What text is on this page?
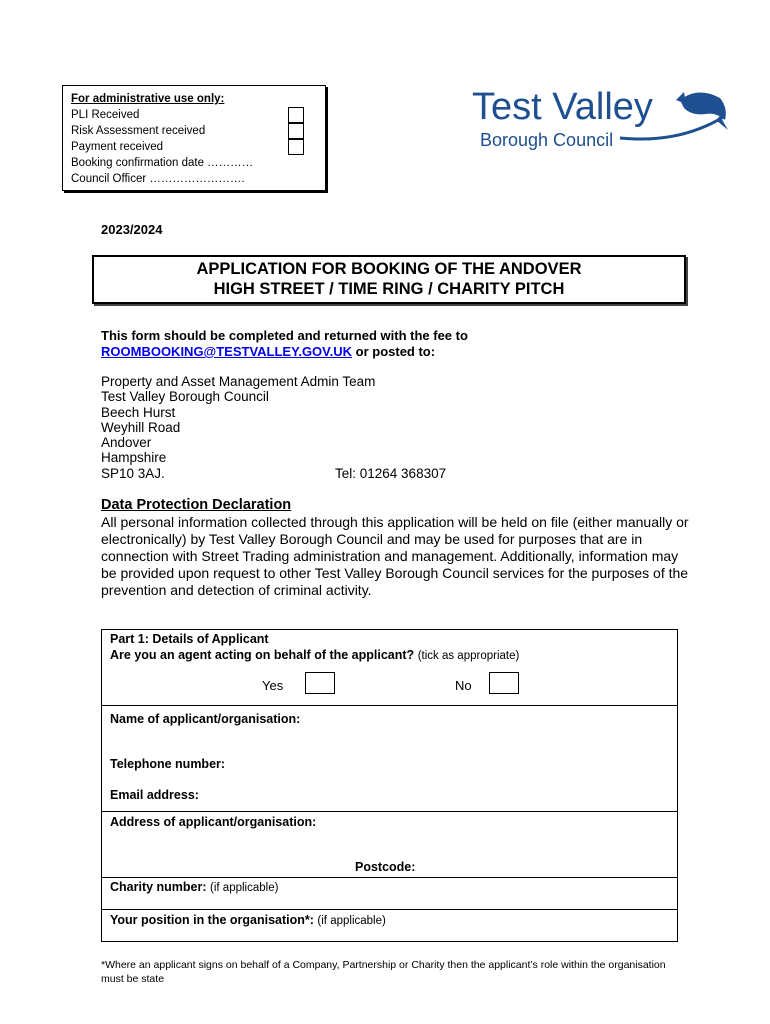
For administrative use only:
PLI Received
Risk Assessment received
Payment received
Booking confirmation date …………
Council Officer …………………….
Test Valley
Borough Council
2023/2024
APPLICATION FOR BOOKING OF THE ANDOVER
HIGH STREET / TIME RING / CHARITY PITCH
This form should be completed and returned with the fee to
ROOMBOOKING@TESTVALLEY.GOV.UK or posted to:
Property and Asset Management Admin Team
Test Valley Borough Council
Beech Hurst
Weyhill Road
Andover
Hampshire
SP10 3AJ.	Tel: 01264 368307
Data Protection Declaration
All personal information collected through this application will be held on file (either manually or electronically) by Test Valley Borough Council and may be used for purposes that are in connection with Street Trading administration and management. Additionally, information may be provided upon request to other Test Valley Borough Council services for the purposes of the prevention and detection of criminal activity.
Part 1: Details of Applicant
Are you an agent acting on behalf of the applicant? (tick as appropriate)
Yes	No
Name of applicant/organisation:
Telephone number:
Email address:
Address of applicant/organisation:
Postcode:
Charity number: (if applicable)
Your position in the organisation*: (if applicable)
*Where an applicant signs on behalf of a Company, Partnership or Charity then the applicant’s role within the organisation must be state
